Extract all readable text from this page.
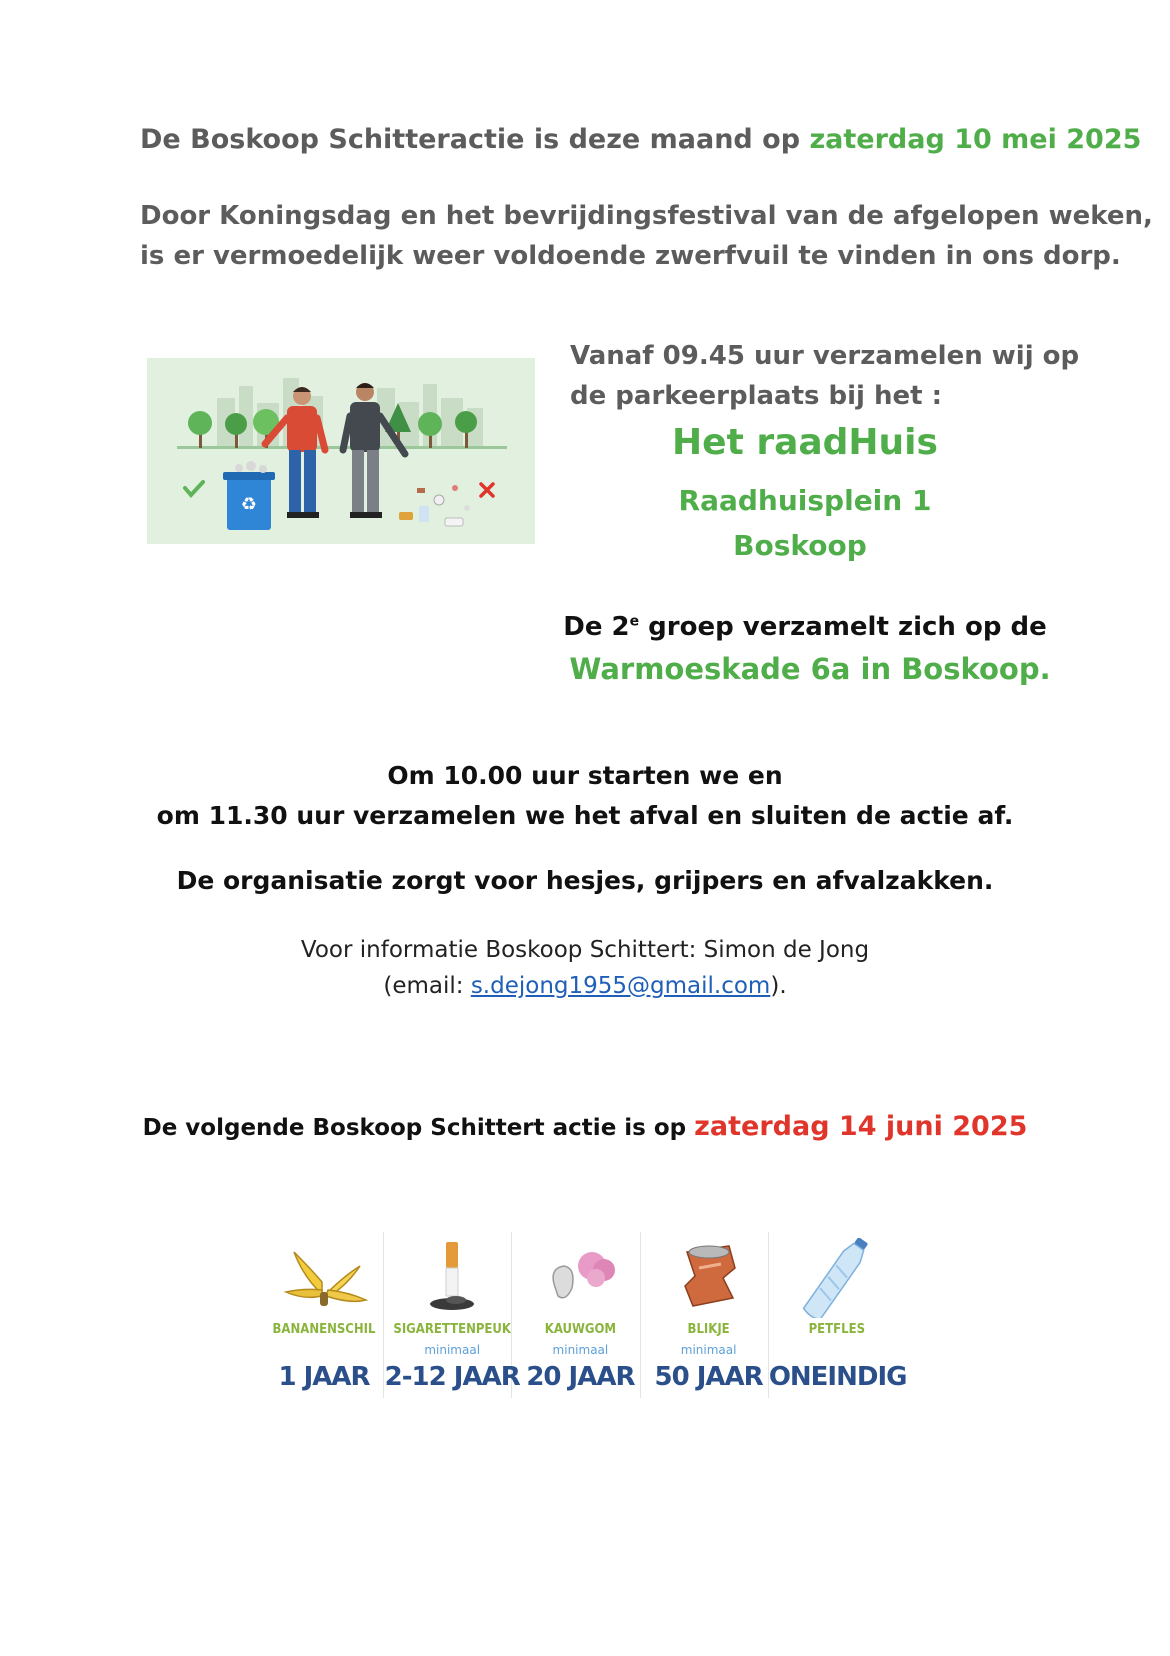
De Boskoop Schitteractie is deze maand op zaterdag 10 mei 2025
Door Koningsdag en het bevrijdingsfestival van de afgelopen weken,
is er vermoedelijk weer voldoende zwerfvuil te vinden in ons dorp.
♻
Vanaf 09.45 uur verzamelen wij op
de parkeerplaats bij het :
Het raadHuis
Raadhuisplein 1
Boskoop
De 2e groep verzamelt zich op de
Warmoeskade 6a in Boskoop.
Om 10.00 uur starten we en
om 11.30 uur verzamelen we het afval en sluiten de actie af.
De organisatie zorgt voor hesjes, grijpers en afvalzakken.
Voor informatie Boskoop Schittert: Simon de Jong
(email: s.dejong1955@gmail.com).
De volgende Boskoop Schittert actie is op zaterdag 14 juni 2025
BANANENSCHIL
1 JAAR
SIGARETTENPEUK
minimaal
2-12 JAAR
KAUWGOM
minimaal
20 JAAR
BLIKJE
minimaal
50 JAAR
PETFLES
ONEINDIG
